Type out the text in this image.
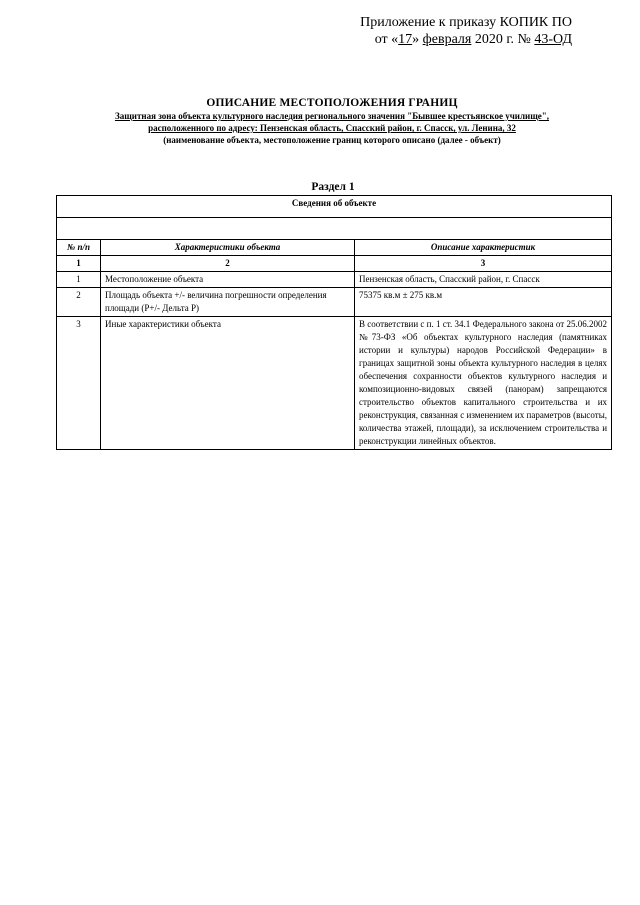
Приложение к приказу КОПИК ПО
от «17» февраля 2020 г. № 43-ОД
ОПИСАНИЕ МЕСТОПОЛОЖЕНИЯ ГРАНИЦ
Защитная зона объекта культурного наследия регионального значения "Бывшее крестьянское училище",
расположенного по адресу: Пензенская область, Спасский район, г. Спасск, ул. Ленина, 32
(наименование объекта, местоположение границ которого описано (далее - объект)
Раздел 1
Сведения об объекте		

№ п/п	Характеристики объекта	Описание характеристик
1	2	3
1	Местоположение объекта	Пензенская область, Спасский район, г. Спасск
2	Площадь объекта +/- величина погрешности определения площади (Р+/- Дельта Р)	75375 кв.м ± 275 кв.м
3	Иные характеристики объекта	В соответствии с п. 1 ст. 34.1 Федерального закона от 25.06.2002 №73-ФЗ «Об объектах культурного наследия (памятниках истории и культуры) народов Российской Федерации» в границах защитной зоны объекта культурного наследия в целях обеспечения сохранности объектов культурного наследия и композиционно-видовых связей (панорам) запрещаются строительство объектов капитального строительства и их реконструкция, связанная с изменением их параметров (высоты, количества этажей, площади), за исключением строительства и реконструкции линейных объектов.
